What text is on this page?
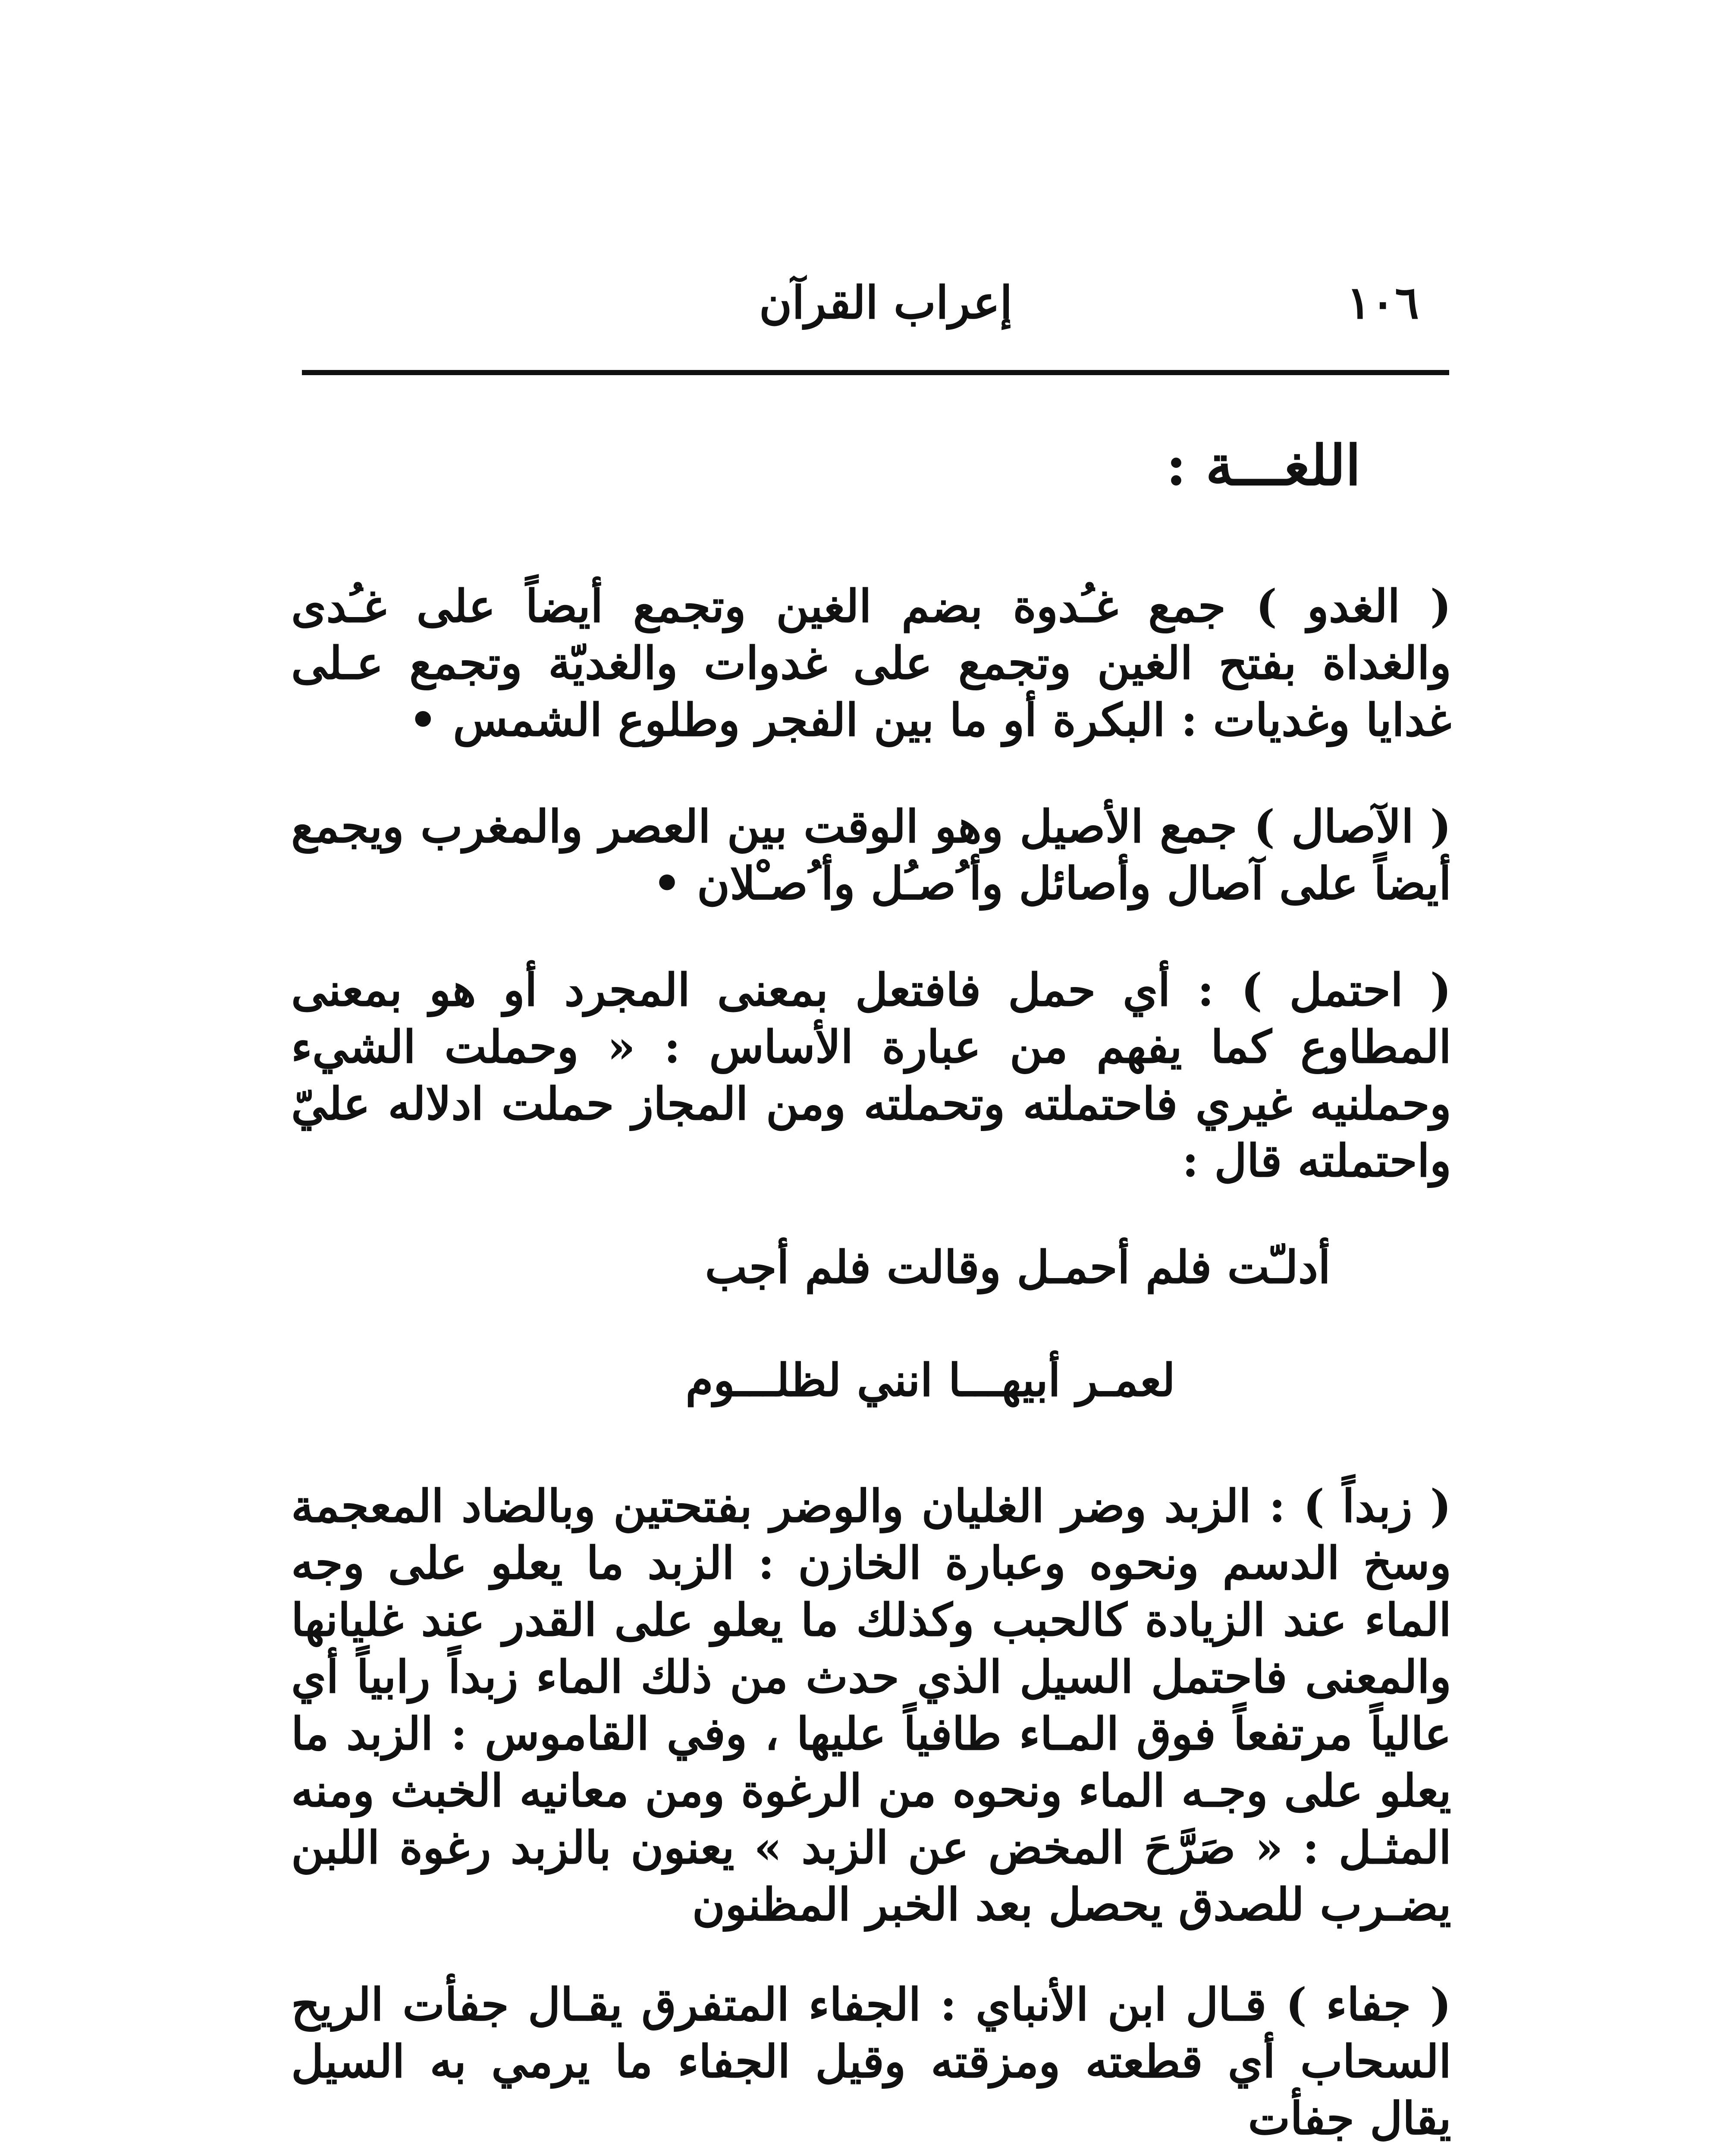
١٠٦
إعراب القرآن
اللغـــة :

( الغدو ) جمع غـُدوة بضم الغين وتجمع أيضاً على غـُدى والغداة بفتح الغين وتجمع على غدوات والغديّة وتجمع عـلى غدايا وغديات : البكرة أو ما بين الفجر وطلوع الشمس •

( الآصال ) جمع الأصيل وهو الوقت بين العصر والمغرب ويجمع أيضاً على آصال وأصائل وأ ُصـُل وأ ُصـْلان •

( احتمل ) : أي حمل فافتعل بمعنى المجرد أو هو بمعنى المطاوع كما يفهم من عبارة الأساس : « وحملت الشيء وحملنيه غيري فاحتملته وتحملته ومن المجاز حملت ادلاله عليّ واحتملته قال :

أدلـّت فلم أحمـل وقالت فلم أجب

لعمـر أبيهـــا انني لظلـــوم

( زبداً ) : الزبد وضر الغليان والوضر بفتحتين وبالضاد المعجمة وسخ الدسم ونحوه وعبارة الخازن : الزبد ما يعلو على وجه الماء عند الزيادة كالحبب وكذلك ما يعلو على القدر عند غليانها والمعنى فاحتمل السيل الذي حدث من ذلك الماء زبداً رابياً أي عالياً مرتفعاً فوق المـاء طافياً عليها ، وفي القاموس : الزبد ما يعلو على وجـه الماء ونحوه من الرغوة ومن معانيه الخبث ومنه المثـل : « صَرَّحَ المخض عن الزبد » يعنون بالزبد رغوة اللبن يضـرب للصدق يحصل بعد الخبر المظنون

( جفاء ) قـال ابن الأنباي : الجفاء المتفرق يقـال جفأت الريح السحاب أي قطعته ومزقته وقيل الجفاء ما يرمي به السيل يقال جفأت
